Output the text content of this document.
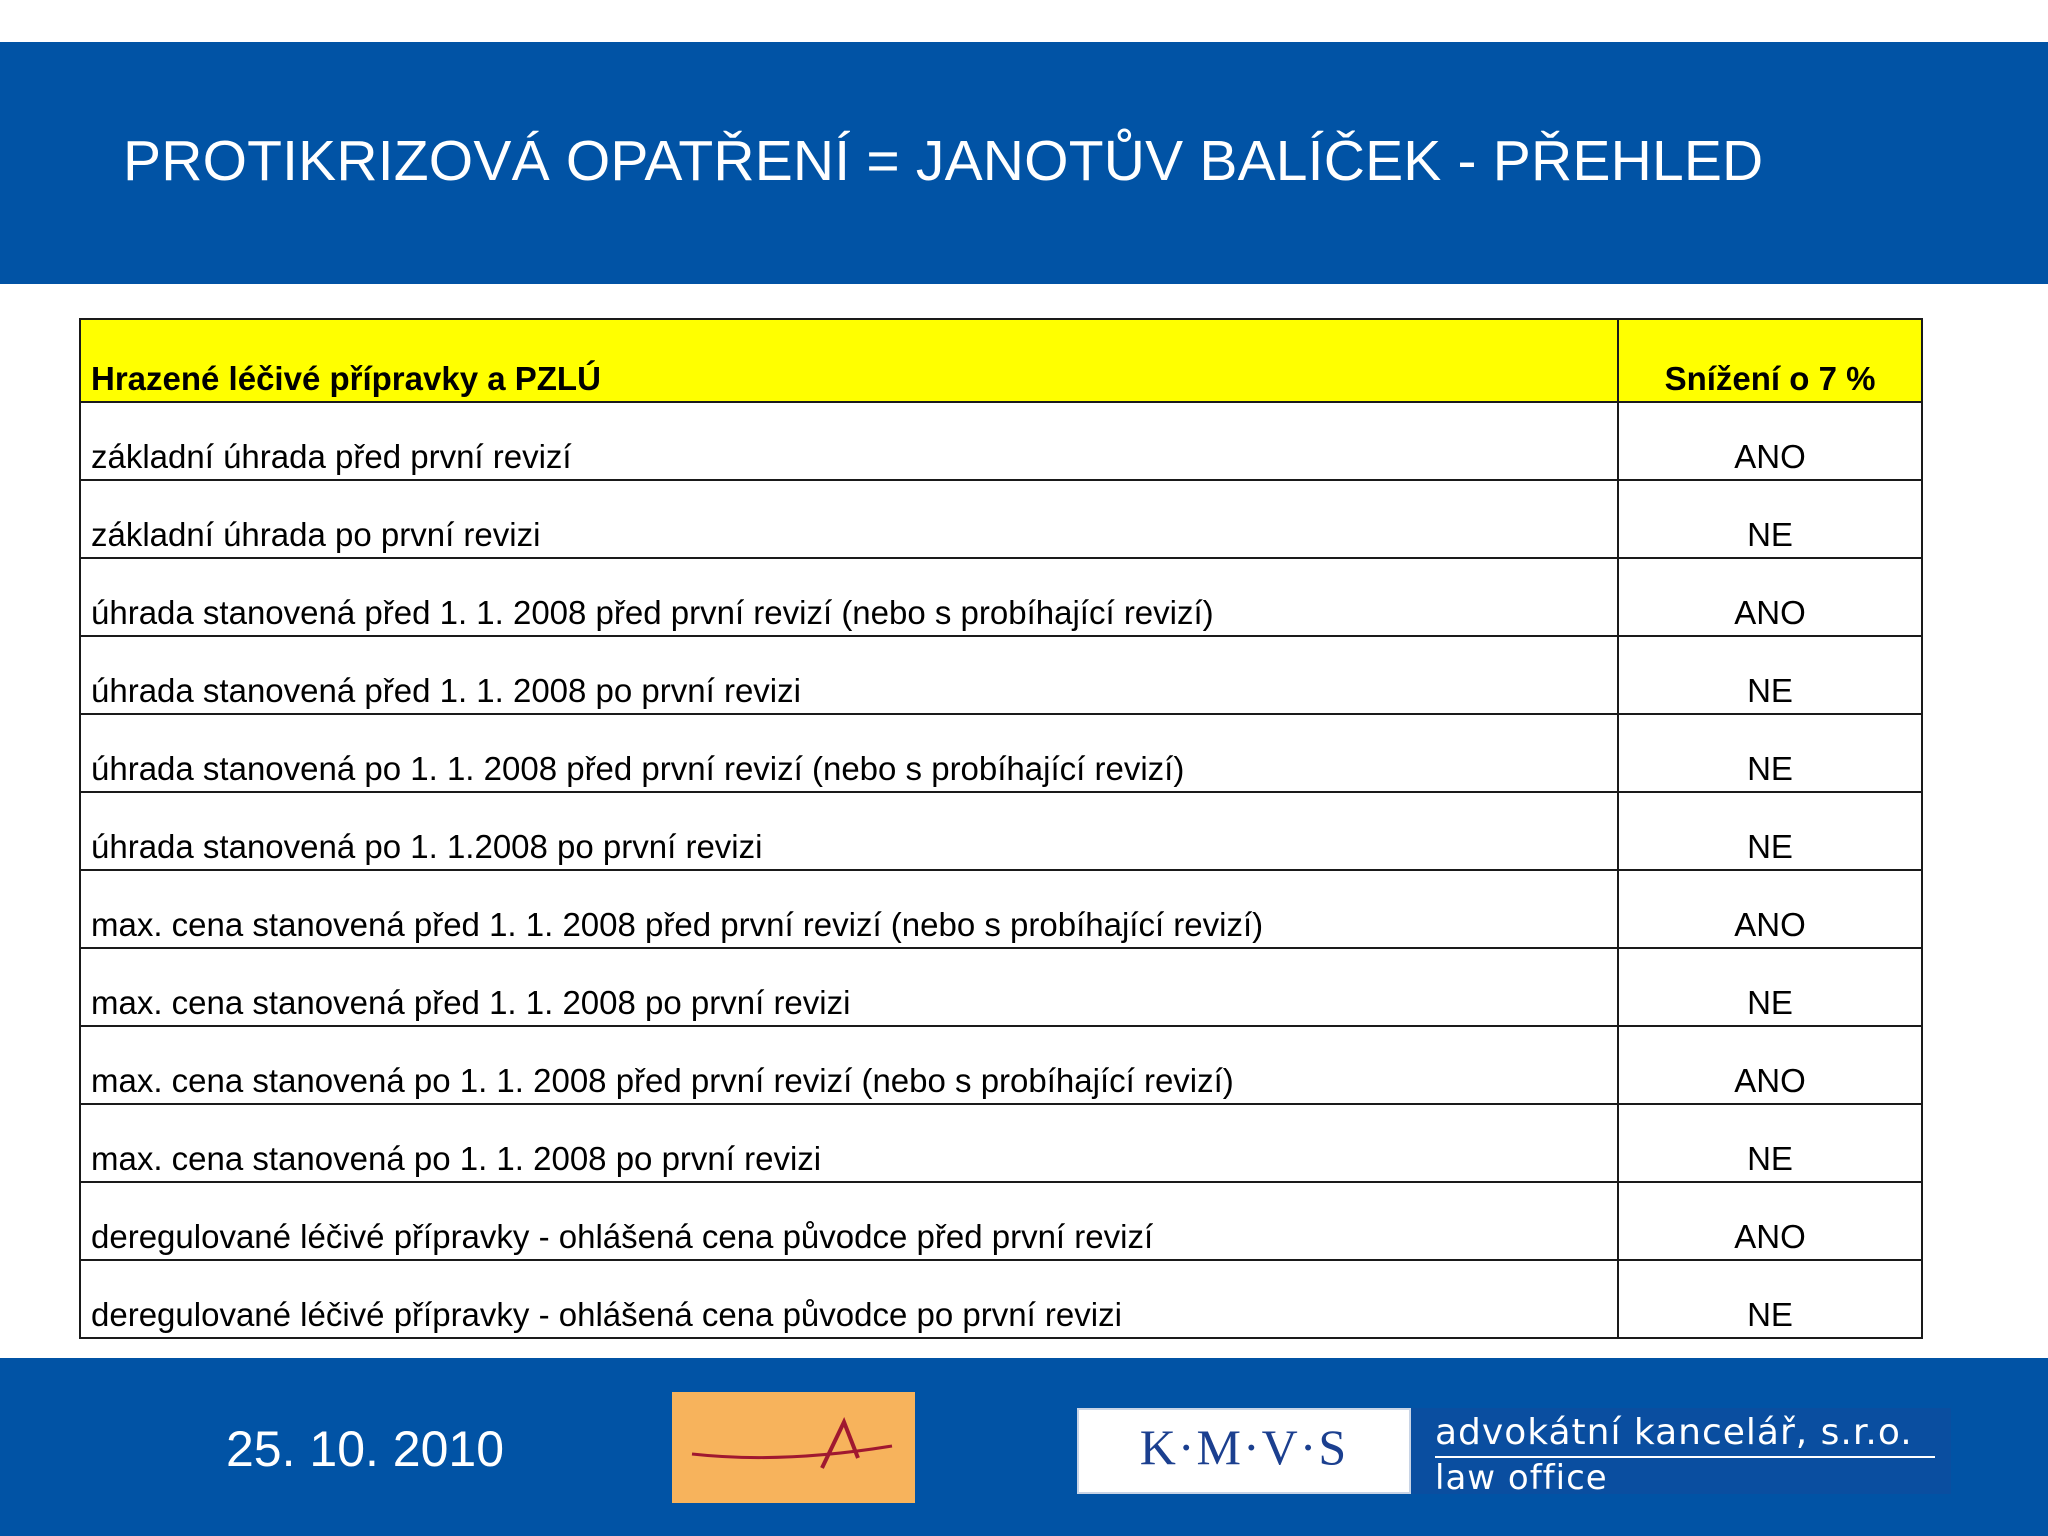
PROTIKRIZOVÁ OPATŘENÍ = JANOTŮV BALÍČEK - PŘEHLED
Hrazené léčivé přípravky a PZLÚ	Snížení o 7 %
základní úhrada před první revizí	ANO
základní úhrada po první revizi	NE
úhrada stanovená před 1. 1. 2008 před první revizí (nebo s probíhající revizí)	ANO
úhrada stanovená před 1. 1. 2008 po první revizi	NE
úhrada stanovená po 1. 1. 2008 před první revizí (nebo s probíhající revizí)	NE
úhrada stanovená po 1. 1.2008 po první revizi	NE
max. cena stanovená před 1. 1. 2008 před první revizí (nebo s probíhající revizí)	ANO
max. cena stanovená před 1. 1. 2008 po první revizi	NE
max. cena stanovená po 1. 1. 2008 před první revizí (nebo s probíhající revizí)	ANO
max. cena stanovená po 1. 1. 2008 po první revizi	NE
deregulované léčivé přípravky - ohlášená cena původce před první revizí	ANO
deregulované léčivé přípravky - ohlášená cena původce po první revizi	NE
25. 10. 2010	K·M·V·S	advokátní kancelář, s.r.o.
law office
